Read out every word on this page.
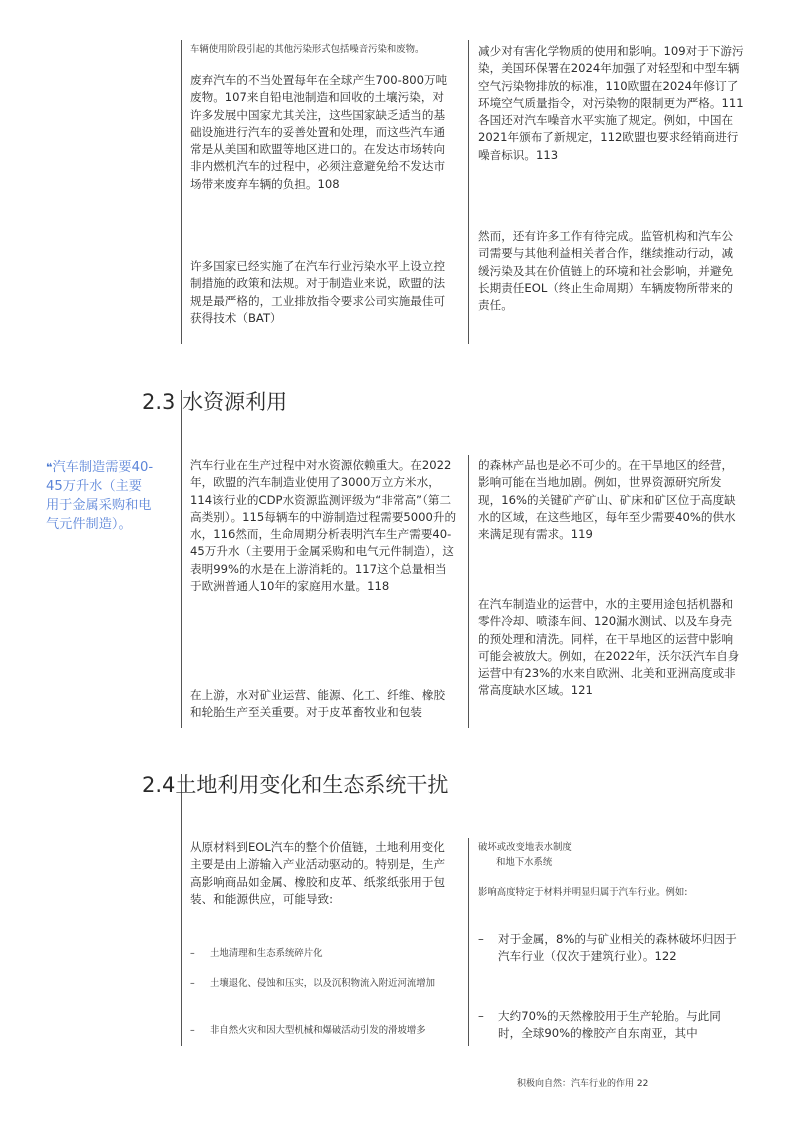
车辆使用阶段引起的其他污染形式包括噪音污染和废物。
废弃汽车的不当处置每年在全球产生700-800万吨废物。107来自铅电池制造和回收的土壤污染，对许多发展中国家尤其关注，这些国家缺乏适当的基础设施进行汽车的妥善处置和处理，而这些汽车通常是从美国和欧盟等地区进口的。在发达市场转向非内燃机汽车的过程中，必须注意避免给不发达市场带来废弃车辆的负担。108
许多国家已经实施了在汽车行业污染水平上设立控制措施的政策和法规。对于制造业来说，欧盟的法规是最严格的，工业排放指令要求公司实施最佳可获得技术（BAT）
减少对有害化学物质的使用和影响。109对于下游污染，美国环保署在2024年加强了对轻型和中型车辆空气污染物排放的标准，110欧盟在2024年修订了环境空气质量指令，对污染物的限制更为严格。111各国还对汽车噪音水平实施了规定。例如，中国在2021年颁布了新规定，112欧盟也要求经销商进行噪音标识。113
然而，还有许多工作有待完成。监管机构和汽车公司需要与其他利益相关者合作，继续推动行动，减缓污染及其在价值链上的环境和社会影响，并避免长期责任EOL（终止生命周期）车辆废物所带来的责任。
2.3 水资源利用
❝汽车制造需要40-45万升水（主要用于金属采购和电气元件制造）。
汽车行业在生产过程中对水资源依赖重大。在2022年，欧盟的汽车制造业使用了3000万立方米水，114该行业的CDP水资源监测评级为“非常高”（第二高类别）。115每辆车的中游制造过程需要5000升的水，116然而，生命周期分析表明汽车生产需要40-45万升水（主要用于金属采购和电气元件制造），这表明99%的水是在上游消耗的。117这个总量相当于欧洲普通人10年的家庭用水量。118
在上游，水对矿业运营、能源、化工、纤维、橡胶和轮胎生产至关重要。对于皮革畜牧业和包装
的森林产品也是必不可少的。在干旱地区的经营，影响可能在当地加剧。例如，世界资源研究所发现，16%的关键矿产矿山、矿床和矿区位于高度缺水的区域，在这些地区，每年至少需要40%的供水来满足现有需求。119
在汽车制造业的运营中，水的主要用途包括机器和零件冷却、喷漆车间、120漏水测试、以及车身壳的预处理和清洗。同样，在干旱地区的运营中影响可能会被放大。例如，在2022年，沃尔沃汽车自身运营中有23%的水来自欧洲、北美和亚洲高度或非常高度缺水区域。121
2.4土地利用变化和生态系统干扰
从原材料到EOL汽车的整个价值链，土地利用变化主要是由上游输入产业活动驱动的。特别是，生产高影响商品如金属、橡胶和皮革、纸浆纸张用于包装、和能源供应，可能导致:
– 土地清理和生态系统碎片化
– 土壤退化、侵蚀和压实，以及沉积物流入附近河流增加
– 非自然火灾和因大型机械和爆破活动引发的滑坡增多
破坏或改变地表水制度
和地下水系统
影响高度特定于材料并明显归属于汽车行业。例如:
–	对于金属，8%的与矿业相关的森林破坏归因于汽车行业（仅次于建筑行业）。122
–	大约70%的天然橡胶用于生产轮胎。与此同时，全球90%的橡胶产自东南亚，其中
积极向自然：汽车行业的作用 22
